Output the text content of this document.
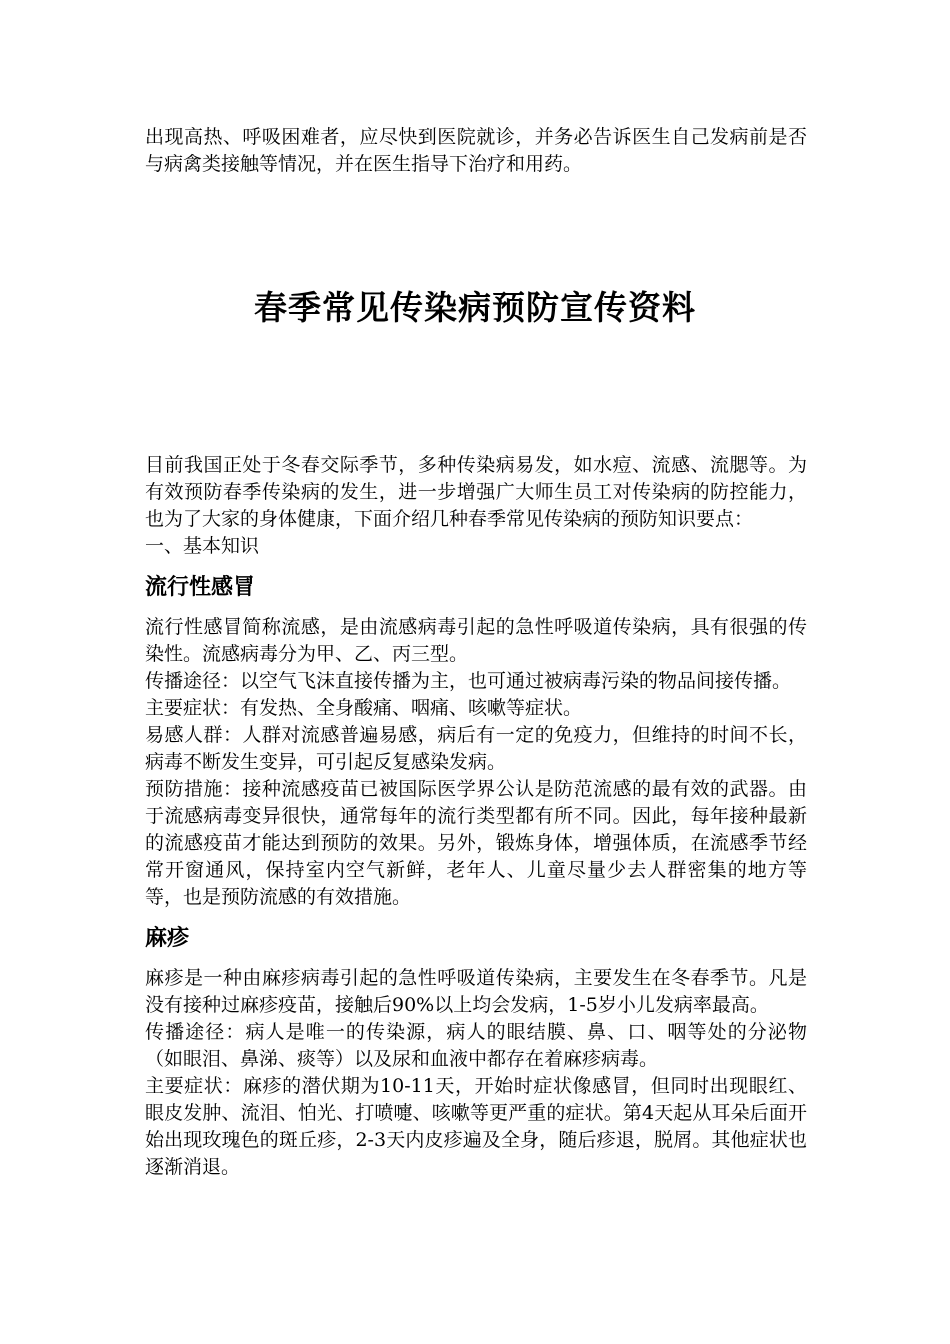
出现高热、呼吸困难者，应尽快到医院就诊，并务必告诉医生自己发病前是否与病禽类接触等情况，并在医生指导下治疗和用药。

春季常见传染病预防宣传资料

目前我国正处于冬春交际季节，多种传染病易发，如水痘、流感、流腮等。为有效预防春季传染病的发生，进一步增强广大师生员工对传染病的防控能力，也为了大家的身体健康，下面介绍几种春季常见传染病的预防知识要点：

一、基本知识

流行性感冒

流行性感冒简称流感，是由流感病毒引起的急性呼吸道传染病，具有很强的传染性。流感病毒分为甲、乙、丙三型。

传播途径：以空气飞沫直接传播为主，也可通过被病毒污染的物品间接传播。

主要症状：有发热、全身酸痛、咽痛、咳嗽等症状。

易感人群：人群对流感普遍易感，病后有一定的免疫力，但维持的时间不长，病毒不断发生变异，可引起反复感染发病。

预防措施：接种流感疫苗已被国际医学界公认是防范流感的最有效的武器。由于流感病毒变异很快，通常每年的流行类型都有所不同。因此，每年接种最新的流感疫苗才能达到预防的效果。另外，锻炼身体，增强体质，在流感季节经常开窗通风，保持室内空气新鲜，老年人、儿童尽量少去人群密集的地方等等，也是预防流感的有效措施。

麻疹

麻疹是一种由麻疹病毒引起的急性呼吸道传染病，主要发生在冬春季节。凡是没有接种过麻疹疫苗，接触后90%以上均会发病，1-5岁小儿发病率最高。

传播途径：病人是唯一的传染源，病人的眼结膜、鼻、口、咽等处的分泌物（如眼泪、鼻涕、痰等）以及尿和血液中都存在着麻疹病毒。

主要症状：麻疹的潜伏期为10-11天，开始时症状像感冒，但同时出现眼红、眼皮发肿、流泪、怕光、打喷嚏、咳嗽等更严重的症状。第4天起从耳朵后面开始出现玫瑰色的斑丘疹，2-3天内皮疹遍及全身，随后疹退，脱屑。其他症状也逐渐消退。
